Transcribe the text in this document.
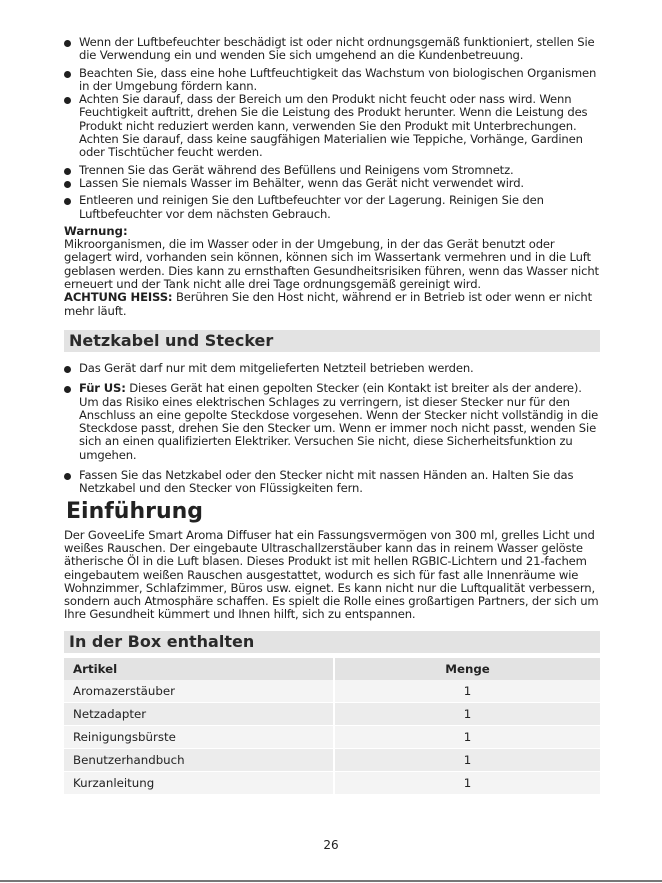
Wenn der Luftbefeuchter beschädigt ist oder nicht ordnungsgemäß funktioniert, stellen Sie die Verwendung ein und wenden Sie sich umgehend an die Kundenbetreuung.
Beachten Sie, dass eine hohe Luftfeuchtigkeit das Wachstum von biologischen Organismen in der Umgebung fördern kann.
Achten Sie darauf, dass der Bereich um den Produkt nicht feucht oder nass wird. Wenn Feuchtigkeit auftritt, drehen Sie die Leistung des Produkt herunter. Wenn die Leistung des Produkt nicht reduziert werden kann, verwenden Sie den Produkt mit Unterbrechungen. Achten Sie darauf, dass keine saugfähigen Materialien wie Teppiche, Vorhänge, Gardinen oder Tischtücher feucht werden.
Trennen Sie das Gerät während des Befüllens und Reinigens vom Stromnetz.
Lassen Sie niemals Wasser im Behälter, wenn das Gerät nicht verwendet wird.
Entleeren und reinigen Sie den Luftbefeuchter vor der Lagerung. Reinigen Sie den Luftbefeuchter vor dem nächsten Gebrauch.
Warnung:

Mikroorganismen, die im Wasser oder in der Umgebung, in der das Gerät benutzt oder gelagert wird, vorhanden sein können, können sich im Wassertank vermehren und in die Luft geblasen werden. Dies kann zu ernsthaften Gesundheitsrisiken führen, wenn das Wasser nicht erneuert und der Tank nicht alle drei Tage ordnungsgemäß gereinigt wird.

ACHTUNG HEISS: Berühren Sie den Host nicht, während er in Betrieb ist oder wenn er nicht mehr läuft.

Netzkabel und Stecker
Das Gerät darf nur mit dem mitgelieferten Netzteil betrieben werden.
Für US: Dieses Gerät hat einen gepolten Stecker (ein Kontakt ist breiter als der andere). Um das Risiko eines elektrischen Schlages zu verringern, ist dieser Stecker nur für den Anschluss an eine gepolte Steckdose vorgesehen. Wenn der Stecker nicht vollständig in die Steckdose passt, drehen Sie den Stecker um. Wenn er immer noch nicht passt, wenden Sie sich an einen qualifizierten Elektriker. Versuchen Sie nicht, diese Sicherheitsfunktion zu umgehen.
Fassen Sie das Netzkabel oder den Stecker nicht mit nassen Händen an. Halten Sie das Netzkabel und den Stecker von Flüssigkeiten fern.
Einführung

Der GoveeLife Smart Aroma Diffuser hat ein Fassungsvermögen von 300 ml, grelles Licht und weißes Rauschen. Der eingebaute Ultraschallzerstäuber kann das in reinem Wasser gelöste ätherische Öl in die Luft blasen. Dieses Produkt ist mit hellen RGBIC-Lichtern und 21-fachem eingebautem weißen Rauschen ausgestattet, wodurch es sich für fast alle Innenräume wie Wohnzimmer, Schlafzimmer, Büros usw. eignet. Es kann nicht nur die Luftqualität verbessern, sondern auch Atmosphäre schaffen. Es spielt die Rolle eines großartigen Partners, der sich um Ihre Gesundheit kümmert und Ihnen hilft, sich zu entspannen.

In der Box enthalten
Artikel	Menge
Aromazerstäuber	1
Netzadapter	1
Reinigungsbürste	1
Benutzerhandbuch	1
Kurzanleitung	1
26
